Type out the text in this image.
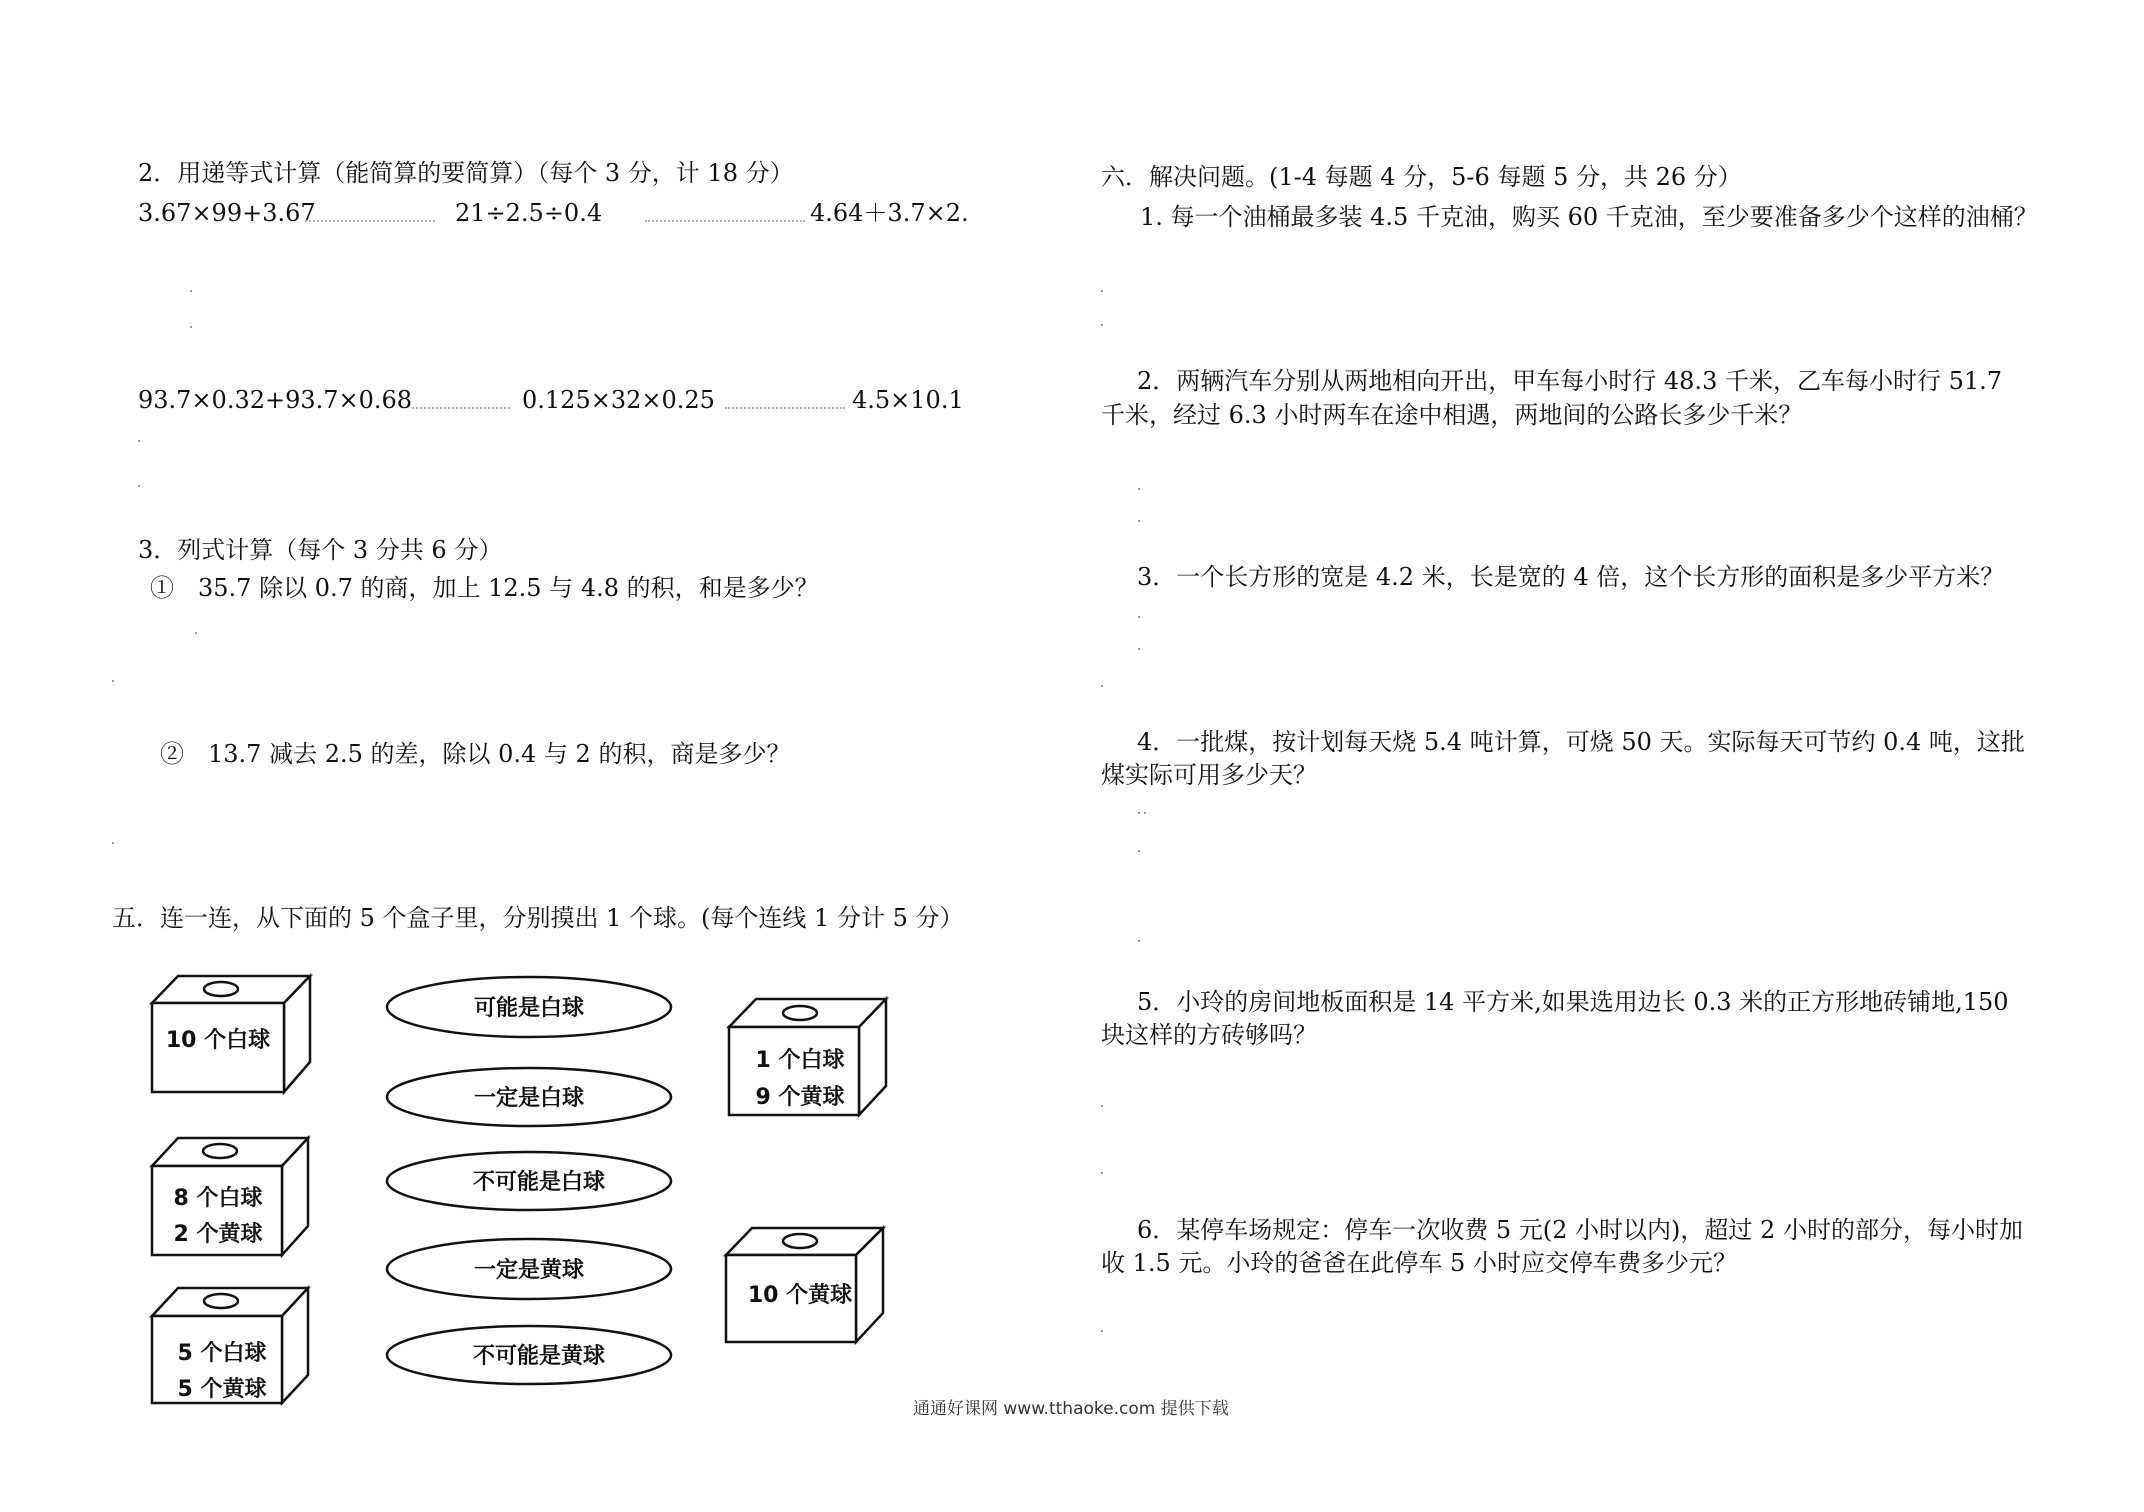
2．用递等式计算（能简算的要简算）（每个 3 分，计 18 分）
3.67×99+3.67	21÷2.5÷0.4	4.64＋3.7×2.
93.7×0.32+93.7×0.68	0.125×32×0.25	4.5×10.1
3．列式计算（每个 3 分共 6 分）
①　35.7 除以 0.7 的商，加上 12.5 与 4.8 的积，和是多少？
②　13.7 减去 2.5 的差，除以 0.4 与 2 的积，商是多少？
五．连一连，从下面的 5 个盒子里，分别摸出 1 个球。(每个连线 1 分计 5 分）
10 个白球
8 个白球
2 个黄球
5 个白球
5 个黄球
可能是白球
一定是白球
不可能是白球
一定是黄球
不可能是黄球
1 个白球
9 个黄球
10 个黄球
六．解决问题。(1-4 每题 4 分，5-6 每题 5 分，共 26 分）
1. 每一个油桶最多装 4.5 千克油，购买 60 千克油，至少要准备多少个这样的油桶？
2．两辆汽车分别从两地相向开出，甲车每小时行 48.3 千米，乙车每小时行 51.7
千米，经过 6.3 小时两车在途中相遇，两地间的公路长多少千米？
3．一个长方形的宽是 4.2 米，长是宽的 4 倍，这个长方形的面积是多少平方米？
4．一批煤，按计划每天烧 5.4 吨计算，可烧 50 天。实际每天可节约 0.4 吨，这批
煤实际可用多少天？
5．小玲的房间地板面积是 14 平方米,如果选用边长 0.3 米的正方形地砖铺地,150
块这样的方砖够吗？
6．某停车场规定：停车一次收费 5 元(2 小时以内)，超过 2 小时的部分，每小时加
收 1.5 元。小玲的爸爸在此停车 5 小时应交停车费多少元？
通通好课网 www.tthaoke.com 提供下载
